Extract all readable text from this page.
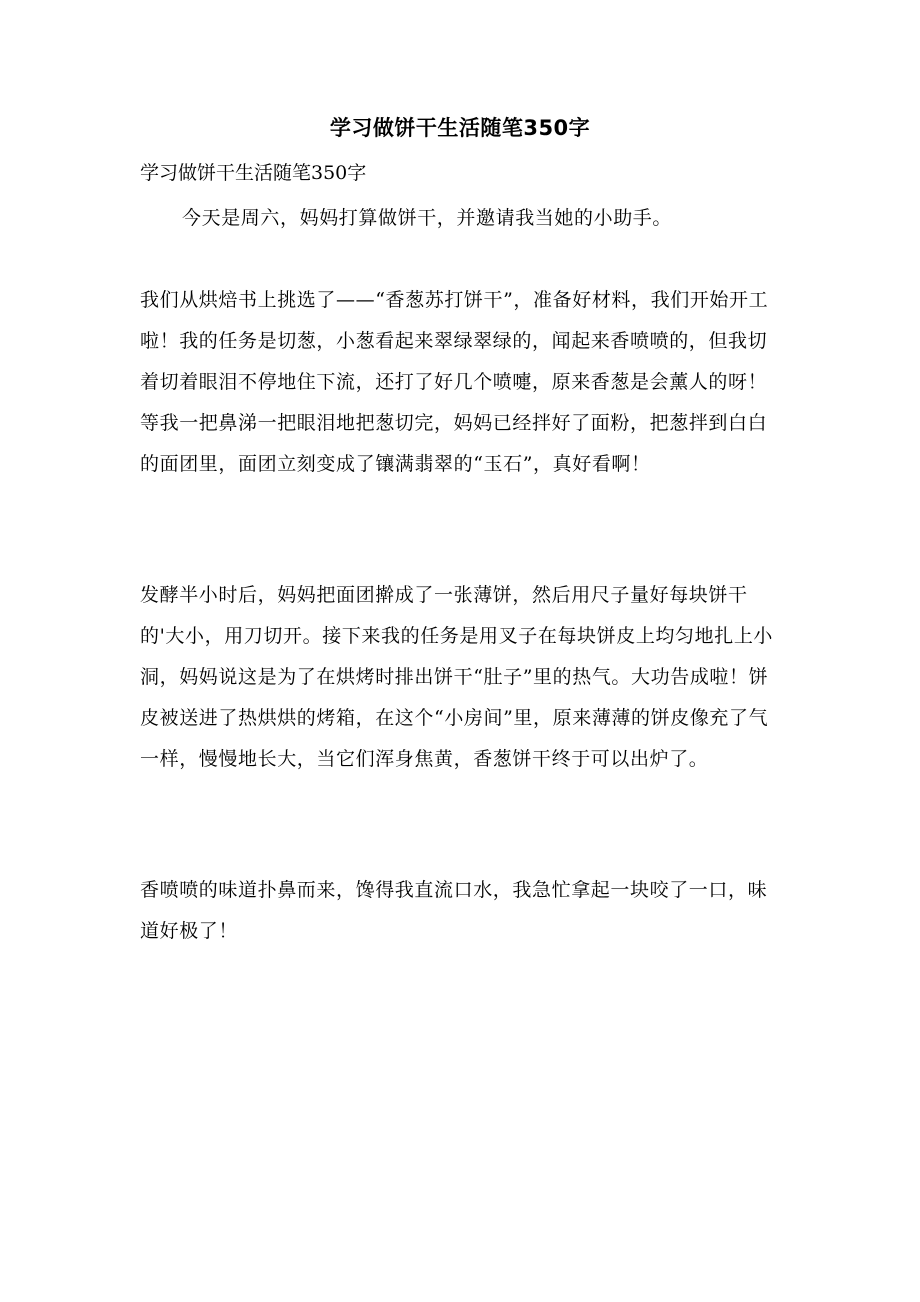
学习做饼干生活随笔350字
学习做饼干生活随笔350字

今天是周六，妈妈打算做饼干，并邀请我当她的小助手。

我们从烘焙书上挑选了——“香葱苏打饼干”，准备好材料，我们开始开工啦！我的任务是切葱，小葱看起来翠绿翠绿的，闻起来香喷喷的，但我切着切着眼泪不停地住下流，还打了好几个喷嚏，原来香葱是会薰人的呀！等我一把鼻涕一把眼泪地把葱切完，妈妈已经拌好了面粉，把葱拌到白白的面团里，面团立刻变成了镶满翡翠的“玉石”，真好看啊！

发酵半小时后，妈妈把面团擀成了一张薄饼，然后用尺子量好每块饼干的'大小，用刀切开。接下来我的任务是用叉子在每块饼皮上均匀地扎上小洞，妈妈说这是为了在烘烤时排出饼干“肚子”里的热气。大功告成啦！饼皮被送进了热烘烘的烤箱，在这个“小房间”里，原来薄薄的饼皮像充了气一样，慢慢地长大，当它们浑身焦黄，香葱饼干终于可以出炉了。

香喷喷的味道扑鼻而来，馋得我直流口水，我急忙拿起一块咬了一口，味道好极了！
